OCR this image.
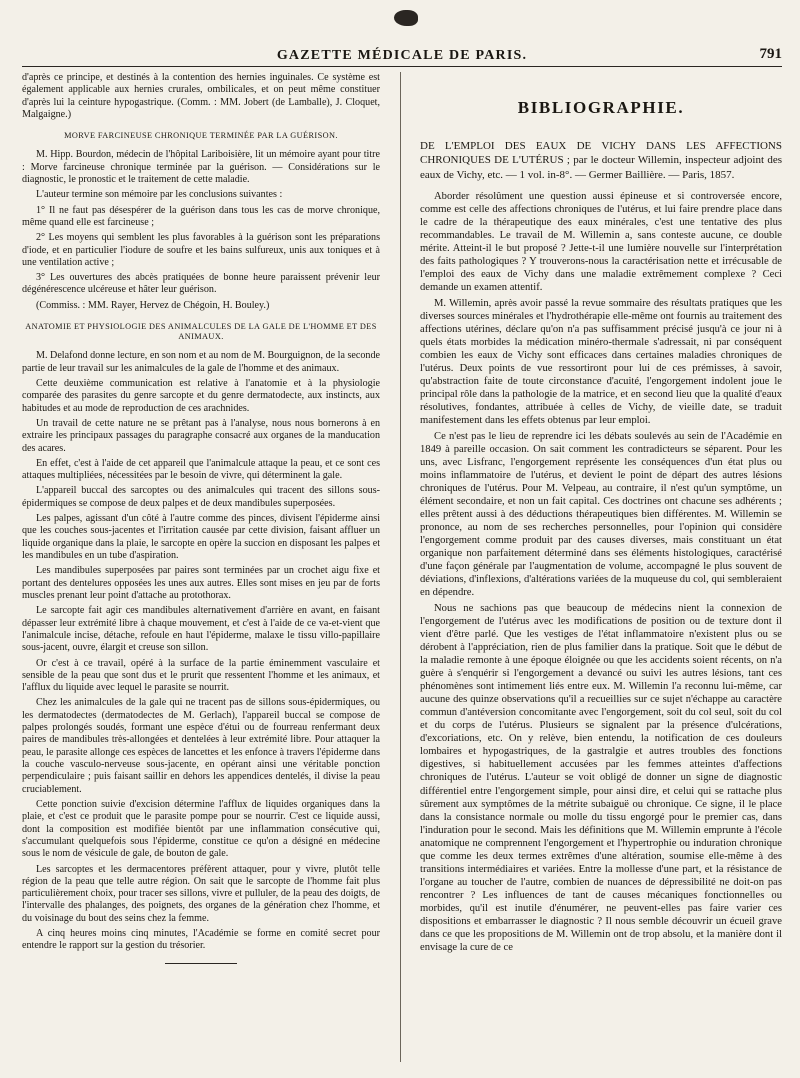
GAZETTE MÉDICALE DE PARIS.	791

d'après ce principe, et destinés à la contention des hernies inguinales. Ce système est également applicable aux hernies crurales, ombilicales, et on peut même constituer d'après lui la ceinture hypogastrique. (Comm. : MM. Jobert (de Lamballe), J. Cloquet, Malgaigne.)

MORVE FARCINEUSE CHRONIQUE TERMINÉE PAR LA GUÉRISON.

M. Hipp. Bourdon, médecin de l'hôpital Lariboisière, lit un mémoire ayant pour titre : Morve farcineuse chronique terminée par la guérison. — Considérations sur le diagnostic, le pronostic et le traitement de cette maladie.

L'auteur termine son mémoire par les conclusions suivantes :

1° Il ne faut pas désespérer de la guérison dans tous les cas de morve chronique, même quand elle est farcineuse ;

2° Les moyens qui semblent les plus favorables à la guérison sont les préparations d'iode, et en particulier l'iodure de soufre et les bains sulfureux, unis aux toniques et à une ventilation active ;

3° Les ouvertures des abcès pratiquées de bonne heure paraissent prévenir leur dégénérescence ulcéreuse et hâter leur guérison.

(Commiss. : MM. Rayer, Hervez de Chégoin, H. Bouley.)

ANATOMIE ET PHYSIOLOGIE DES ANIMALCULES DE LA GALE DE L'HOMME ET DES ANIMAUX.

M. Delafond donne lecture, en son nom et au nom de M. Bourguignon, de la seconde partie de leur travail sur les animalcules de la gale de l'homme et des animaux.

Cette deuxième communication est relative à l'anatomie et à la physiologie comparée des parasites du genre sarcopte et du genre dermatodecte, aux instincts, aux habitudes et au mode de reproduction de ces arachnides.

Un travail de cette nature ne se prêtant pas à l'analyse, nous nous bornerons à en extraire les principaux passages du paragraphe consacré aux organes de la manducation des acares.

En effet, c'est à l'aide de cet appareil que l'animalcule attaque la peau, et ce sont ces attaques multipliées, nécessitées par le besoin de vivre, qui déterminent la gale.

L'appareil buccal des sarcoptes ou des animalcules qui tracent des sillons sous-épidermiques se compose de deux palpes et de deux mandibules superposées.

Les palpes, agissant d'un côté à l'autre comme des pinces, divisent l'épiderme ainsi que les couches sous-jacentes et l'irritation causée par cette division, faisant affluer un liquide organique dans la plaie, le sarcopte en opère la succion en disposant les palpes et les mandibules en un tube d'aspiration.

Les mandibules superposées par paires sont terminées par un crochet aigu fixe et portant des dentelures opposées les unes aux autres. Elles sont mises en jeu par de forts muscles prenant leur point d'attache au protothorax.

Le sarcopte fait agir ces mandibules alternativement d'arrière en avant, en faisant dépasser leur extrémité libre à chaque mouvement, et c'est à l'aide de ce va-et-vient que l'animalcule incise, détache, refoule en haut l'épiderme, malaxe le tissu villo-papillaire sous-jacent, ouvre, élargit et creuse son sillon.

Or c'est à ce travail, opéré à la surface de la partie éminemment vasculaire et sensible de la peau que sont dus et le prurit que ressentent l'homme et les animaux, et l'afflux du liquide avec lequel le parasite se nourrit.

Chez les animalcules de la gale qui ne tracent pas de sillons sous-épidermiques, ou les dermatodectes (dermatodectes de M. Gerlach), l'appareil buccal se compose de palpes prolongés soudés, formant une espèce d'étui ou de fourreau renfermant deux paires de mandibules très-allongées et dentelées à leur extrémité libre. Pour attaquer la peau, le parasite allonge ces espèces de lancettes et les enfonce à travers l'épiderme dans la couche vasculo-nerveuse sous-jacente, en opérant ainsi une véritable ponction perpendiculaire ; puis faisant saillir en dehors les appendices dentelés, il divise la peau cruciablement.

Cette ponction suivie d'excision détermine l'afflux de liquides organiques dans la plaie, et c'est ce produit que le parasite pompe pour se nourrir. C'est ce liquide aussi, dont la composition est modifiée bientôt par une inflammation consécutive qui, s'accumulant quelquefois sous l'épiderme, constitue ce qu'on a désigné en médecine sous le nom de vésicule de gale, de bouton de gale.

Les sarcoptes et les dermacentores préfèrent attaquer, pour y vivre, plutôt telle région de la peau que telle autre région. On sait que le sarcopte de l'homme fait plus particulièrement choix, pour tracer ses sillons, vivre et pulluler, de la peau des doigts, de l'intervalle des phalanges, des poignets, des organes de la génération chez l'homme, et du voisinage du bout des seins chez la femme.

A cinq heures moins cinq minutes, l'Académie se forme en comité secret pour entendre le rapport sur la gestion du trésorier.

BIBLIOGRAPHIE.

DE L'EMPLOI DES EAUX DE VICHY DANS LES AFFECTIONS CHRONIQUES DE L'UTÉRUS ; par le docteur Willemin, inspecteur adjoint des eaux de Vichy, etc. — 1 vol. in-8°. — Germer Baillière. — Paris, 1857.

Aborder résolûment une question aussi épineuse et si controversée encore, comme est celle des affections chroniques de l'utérus, et lui faire prendre place dans le cadre de la thérapeutique des eaux minérales, c'est une tentative des plus recommandables. Le travail de M. Willemin a, sans conteste aucune, ce double mérite. Atteint-il le but proposé ? Jette-t-il une lumière nouvelle sur l'interprétation des faits pathologiques ? Y trouverons-nous la caractérisation nette et irrécusable de l'emploi des eaux de Vichy dans une maladie extrêmement complexe ? Ceci demande un examen attentif.

M. Willemin, après avoir passé la revue sommaire des résultats pratiques que les diverses sources minérales et l'hydrothérapie elle-même ont fournis au traitement des affections utérines, déclare qu'on n'a pas suffisamment précisé jusqu'à ce jour ni à quels états morbides la médication minéro-thermale s'adressait, ni par conséquent combien les eaux de Vichy sont efficaces dans certaines maladies chroniques de l'utérus. Deux points de vue ressortiront pour lui de ces prémisses, à savoir, qu'abstraction faite de toute circonstance d'acuité, l'engorgement indolent joue le principal rôle dans la pathologie de la matrice, et en second lieu que la qualité d'eaux résolutives, fondantes, attribuée à celles de Vichy, de vieille date, se traduit manifestement dans les effets obtenus par leur emploi.

Ce n'est pas le lieu de reprendre ici les débats soulevés au sein de l'Académie en 1849 à pareille occasion. On sait comment les contradicteurs se séparent. Pour les uns, avec Lisfranc, l'engorgement représente les conséquences d'un état plus ou moins inflammatoire de l'utérus, et devient le point de départ des autres lésions chroniques de l'utérus. Pour M. Velpeau, au contraire, il n'est qu'un symptôme, un élément secondaire, et non un fait capital. Ces doctrines ont chacune ses adhérents ; elles prêtent aussi à des déductions thérapeutiques bien différentes. M. Willemin se prononce, au nom de ses recherches personnelles, pour l'opinion qui considère l'engorgement comme produit par des causes diverses, mais constituant un état organique non parfaitement déterminé dans ses éléments histologiques, caractérisé d'une façon générale par l'augmentation de volume, accompagné le plus souvent de déviations, d'inflexions, d'altérations variées de la muqueuse du col, qui sembleraient en dépendre.

Nous ne sachions pas que beaucoup de médecins nient la connexion de l'engorgement de l'utérus avec les modifications de position ou de texture dont il vient d'être parlé. Que les vestiges de l'état inflammatoire n'existent plus ou se dérobent à l'appréciation, rien de plus familier dans la pratique. Soit que le début de la maladie remonte à une époque éloignée ou que les accidents soient récents, on n'a guère à s'enquérir si l'engorgement a devancé ou suivi les autres lésions, tant ces phénomènes sont intimement liés entre eux. M. Willemin l'a reconnu lui-même, car aucune des quinze observations qu'il a recueillies sur ce sujet n'échappe au caractère commun d'antéversion concomitante avec l'engorgement, soit du col seul, soit du col et du corps de l'utérus. Plusieurs se signalent par la présence d'ulcérations, d'excoriations, etc. On y relève, bien entendu, la notification de ces douleurs lombaires et hypogastriques, de la gastralgie et autres troubles des fonctions digestives, si habituellement accusées par les femmes atteintes d'affections chroniques de l'utérus. L'auteur se voit obligé de donner un signe de diagnostic différentiel entre l'engorgement simple, pour ainsi dire, et celui qui se rattache plus sûrement aux symptômes de la métrite subaiguë ou chronique. Ce signe, il le place dans la consistance normale ou molle du tissu engorgé pour le premier cas, dans l'induration pour le second. Mais les définitions que M. Willemin emprunte à l'école anatomique ne comprennent l'engorgement et l'hypertrophie ou induration chronique que comme les deux termes extrêmes d'une altération, soumise elle-même à des transitions intermédiaires et variées. Entre la mollesse d'une part, et la résistance de l'organe au toucher de l'autre, combien de nuances de dépressibilité ne doit-on pas rencontrer ? Les influences de tant de causes mécaniques fonctionnelles ou morbides, qu'il est inutile d'énumérer, ne peuvent-elles pas faire varier ces dispositions et embarrasser le diagnostic ? Il nous semble découvrir un écueil grave dans ce que les propositions de M. Willemin ont de trop absolu, et la manière dont il envisage la cure de ce
